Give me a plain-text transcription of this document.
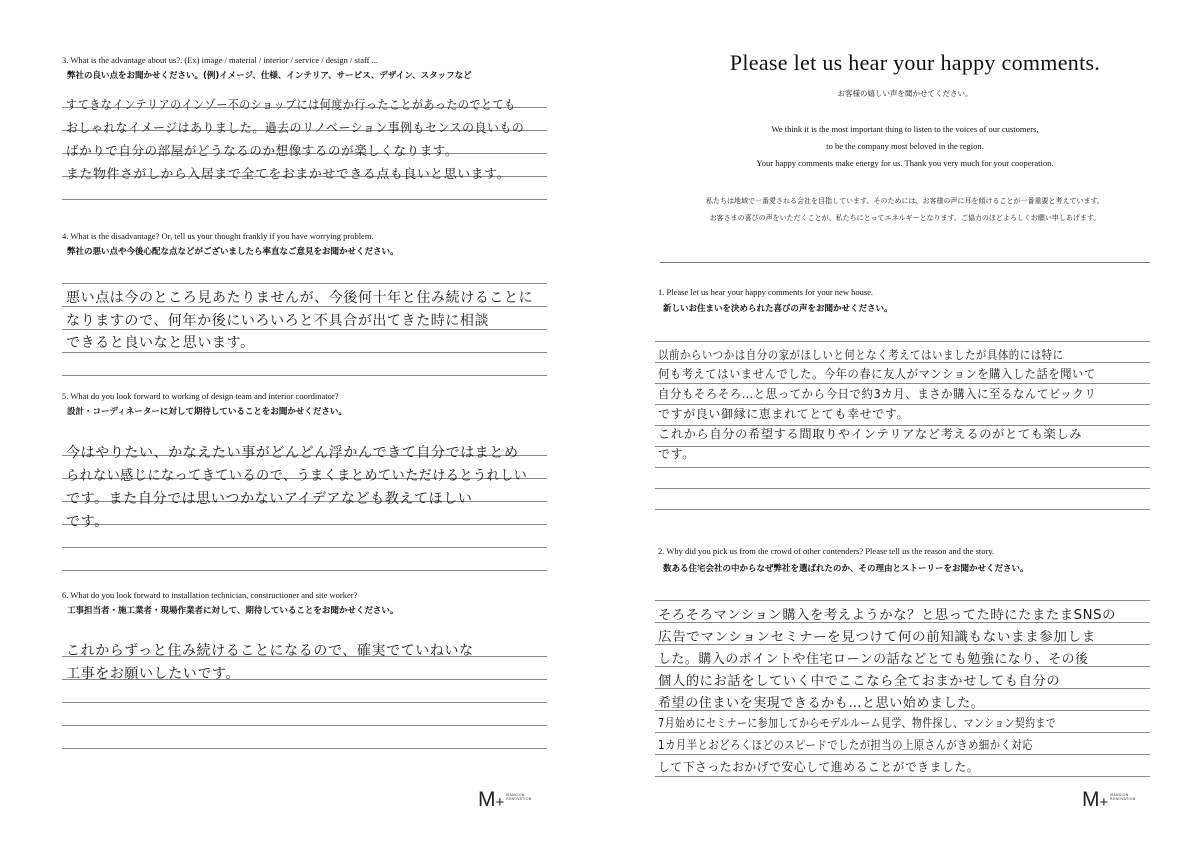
3. What is the advantage about us?. (Ex) image / material / interior / service / design / staff ...
弊社の良い点をお聞かせください。(例)イメージ、仕様、インテリア、サービス、デザイン、スタッフなど
すてきなインテリアのインゾー不のショップには何度か行ったことがあったのでとても
おしゃれなイメージはありました。過去のリノベーション事例もセンスの良いもの
ばかりで自分の部屋がどうなるのか想像するのが楽しくなります。
また物件さがしから入居まで全てをおまかせできる点も良いと思います。
4. What is the disadvantage? Or, tell us your thought frankly if you have worrying problem.
弊社の悪い点や今後心配な点などがございましたら率直なご意見をお聞かせください。
悪い点は今のところ見あたりませんが、今後何十年と住み続けることに
なりますので、何年か後にいろいろと不具合が出てきた時に相談
できると良いなと思います。
5. What do you look forward to working of design team and interior coordinator?
設計・コーディネーターに対して期待していることをお聞かせください。
今はやりたい、かなえたい事がどんどん浮かんできて自分ではまとめ
られない感じになってきているので、うまくまとめていただけるとうれしい
です。また自分では思いつかないアイデアなども教えてほしい
です。
6. What do you look forward to installation technician, constructioner and site worker?
工事担当者・施工業者・現場作業者に対して、期待していることをお聞かせください。
これからずっと住み続けることになるので、確実でていねいな
工事をお願いしたいです。
M + MANSION
RENOVATION
Please let us hear your happy comments.
お客様の嬉しい声を聞かせてください。
We think it is the most important thing to listen to the voices of our customers,
to be the company most beloved in the region.
Your happy comments make energy for us. Thank you very much for your cooperation.
私たちは地域で一番愛される会社を目指しています。そのためには、お客様の声に耳を傾けることが一番重要と考えています。
お客さまの喜びの声をいただくことが、私たちにとってエネルギーとなります。ご協力のほどよろしくお願い申しあげます。
1. Please let us hear your happy comments for your new house.
新しいお住まいを決められた喜びの声をお聞かせください。
以前からいつかは自分の家がほしいと何となく考えてはいましたが具体的には特に
何も考えてはいませんでした。今年の春に友人がマンションを購入した話を聞いて
自分もそろそろ…と思ってから今日で約3カ月、まさか購入に至るなんてビックリ
ですが良い御縁に恵まれてとても幸せです。
これから自分の希望する間取りやインテリアなど考えるのがとても楽しみ
です。
2. Why did you pick us from the crowd of other contenders? Please tell us the reason and the story.
数ある住宅会社の中からなぜ弊社を選ばれたのか、その理由とストーリーをお聞かせください。
そろそろマンション購入を考えようかな？と思ってた時にたまたまSNSの
広告でマンションセミナーを見つけて何の前知識もないまま参加しま
した。購入のポイントや住宅ローンの話などとても勉強になり、その後
個人的にお話をしていく中でここなら全ておまかせしても自分の
希望の住まいを実現できるかも…と思い始めました。
7月始めにセミナーに参加してからモデルルーム見学、物件探し、マンション契約まで
1カ月半とおどろくほどのスピードでしたが担当の上原さんがきめ細かく対応
して下さったおかげで安心して進めることができました。
M + MANSION
RENOVATION
